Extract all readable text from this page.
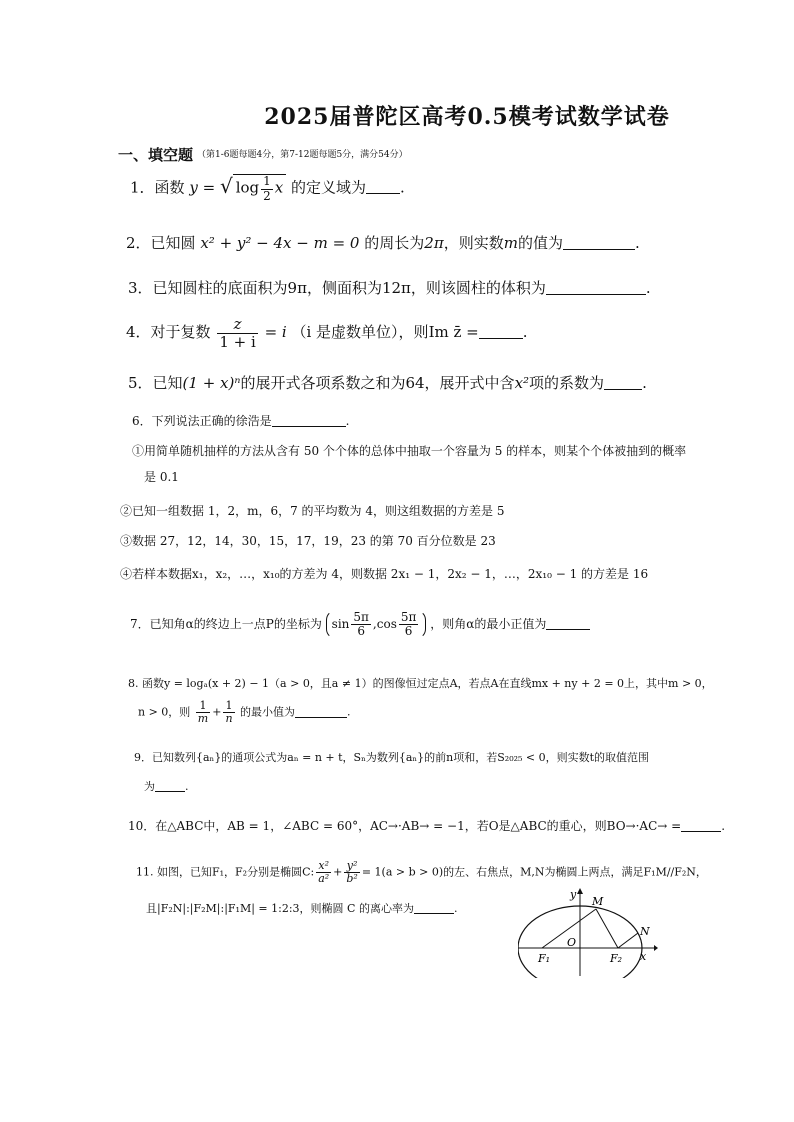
2025届普陀区高考0.5模考试数学试卷
一、填空题 $^{(第1-6题每题4分,第7-12题每题5分,满分54分)}$
1．函数 y = √ $\log \frac{1}{2}$ x 的定义域为 .
2．已知圆 x² + y² − 4x − m = 0 的周长为2π，则实数m的值为	.
3．已知圆柱的底面积为9π，侧面积为12π，则该圆柱的体积为	.
4．对于复数 $\frac{z}{1 + i} = i$ （i 是虚数单位），则Im z̄ =	.
5．已知(1 + x)ⁿ的展开式各项系数之和为64，展开式中含x²项的系数为	.
6．下列说法正确的徐浩是	.
①用简单随机抽样的方法从含有 50 个个体的总体中抽取一个容量为 5 的样本，则某个个体被抽到的概率
是 0.1
②已知一组数据 1，2，m，6，7 的平均数为 4，则这组数据的方差是 5
③数据 27，12，14，30，15，17，19，23 的第 70 百分位数是 23
④若样本数据x₁，x₂，…，x₁₀的方差为 4，则数据 2x₁ − 1，2x₂ − 1，…，2x₁₀ − 1 的方差是 16
7．已知角α的终边上一点P的坐标为 $\sin \frac{5\pi}{6} ,\cos \frac{5\pi}{6}$ ，则角α的最小正值为
8. 函数y = logₐ(x + 2) − 1（a > 0，且a ≠ 1）的图像恒过定点A，若点A在直线mx + ny + 2 = 0上，其中m > 0，
n > 0，则 $\frac{1}{m} + \frac{1}{n}$ 的最小值为	.
9．已知数列{aₙ}的通项公式为aₙ = n + t，Sₙ为数列{aₙ}的前n项和，若S₂₀₂₅ < 0，则实数t的取值范围
为	.
10．在△ABC中，AB = 1，∠ABC = 60°，AC→·AB→ = −1，若O是△ABC的重心，则BO→·AC→ =	.
11. 如图，已知F₁，F₂分别是椭圆C: $\frac{\text{x²}}{\text{a²}} + \frac{\text{y²}}{\text{b²}} = 1(a > b > 0)$的左、右焦点，M,N为椭圆上两点，满足F₁M//F₂N，
且|F₂N|:|F₂M|:|F₁M| = 1:2:3，则椭圆 C 的离心率为	.
y
x
M
N
O
F₁	F₂
